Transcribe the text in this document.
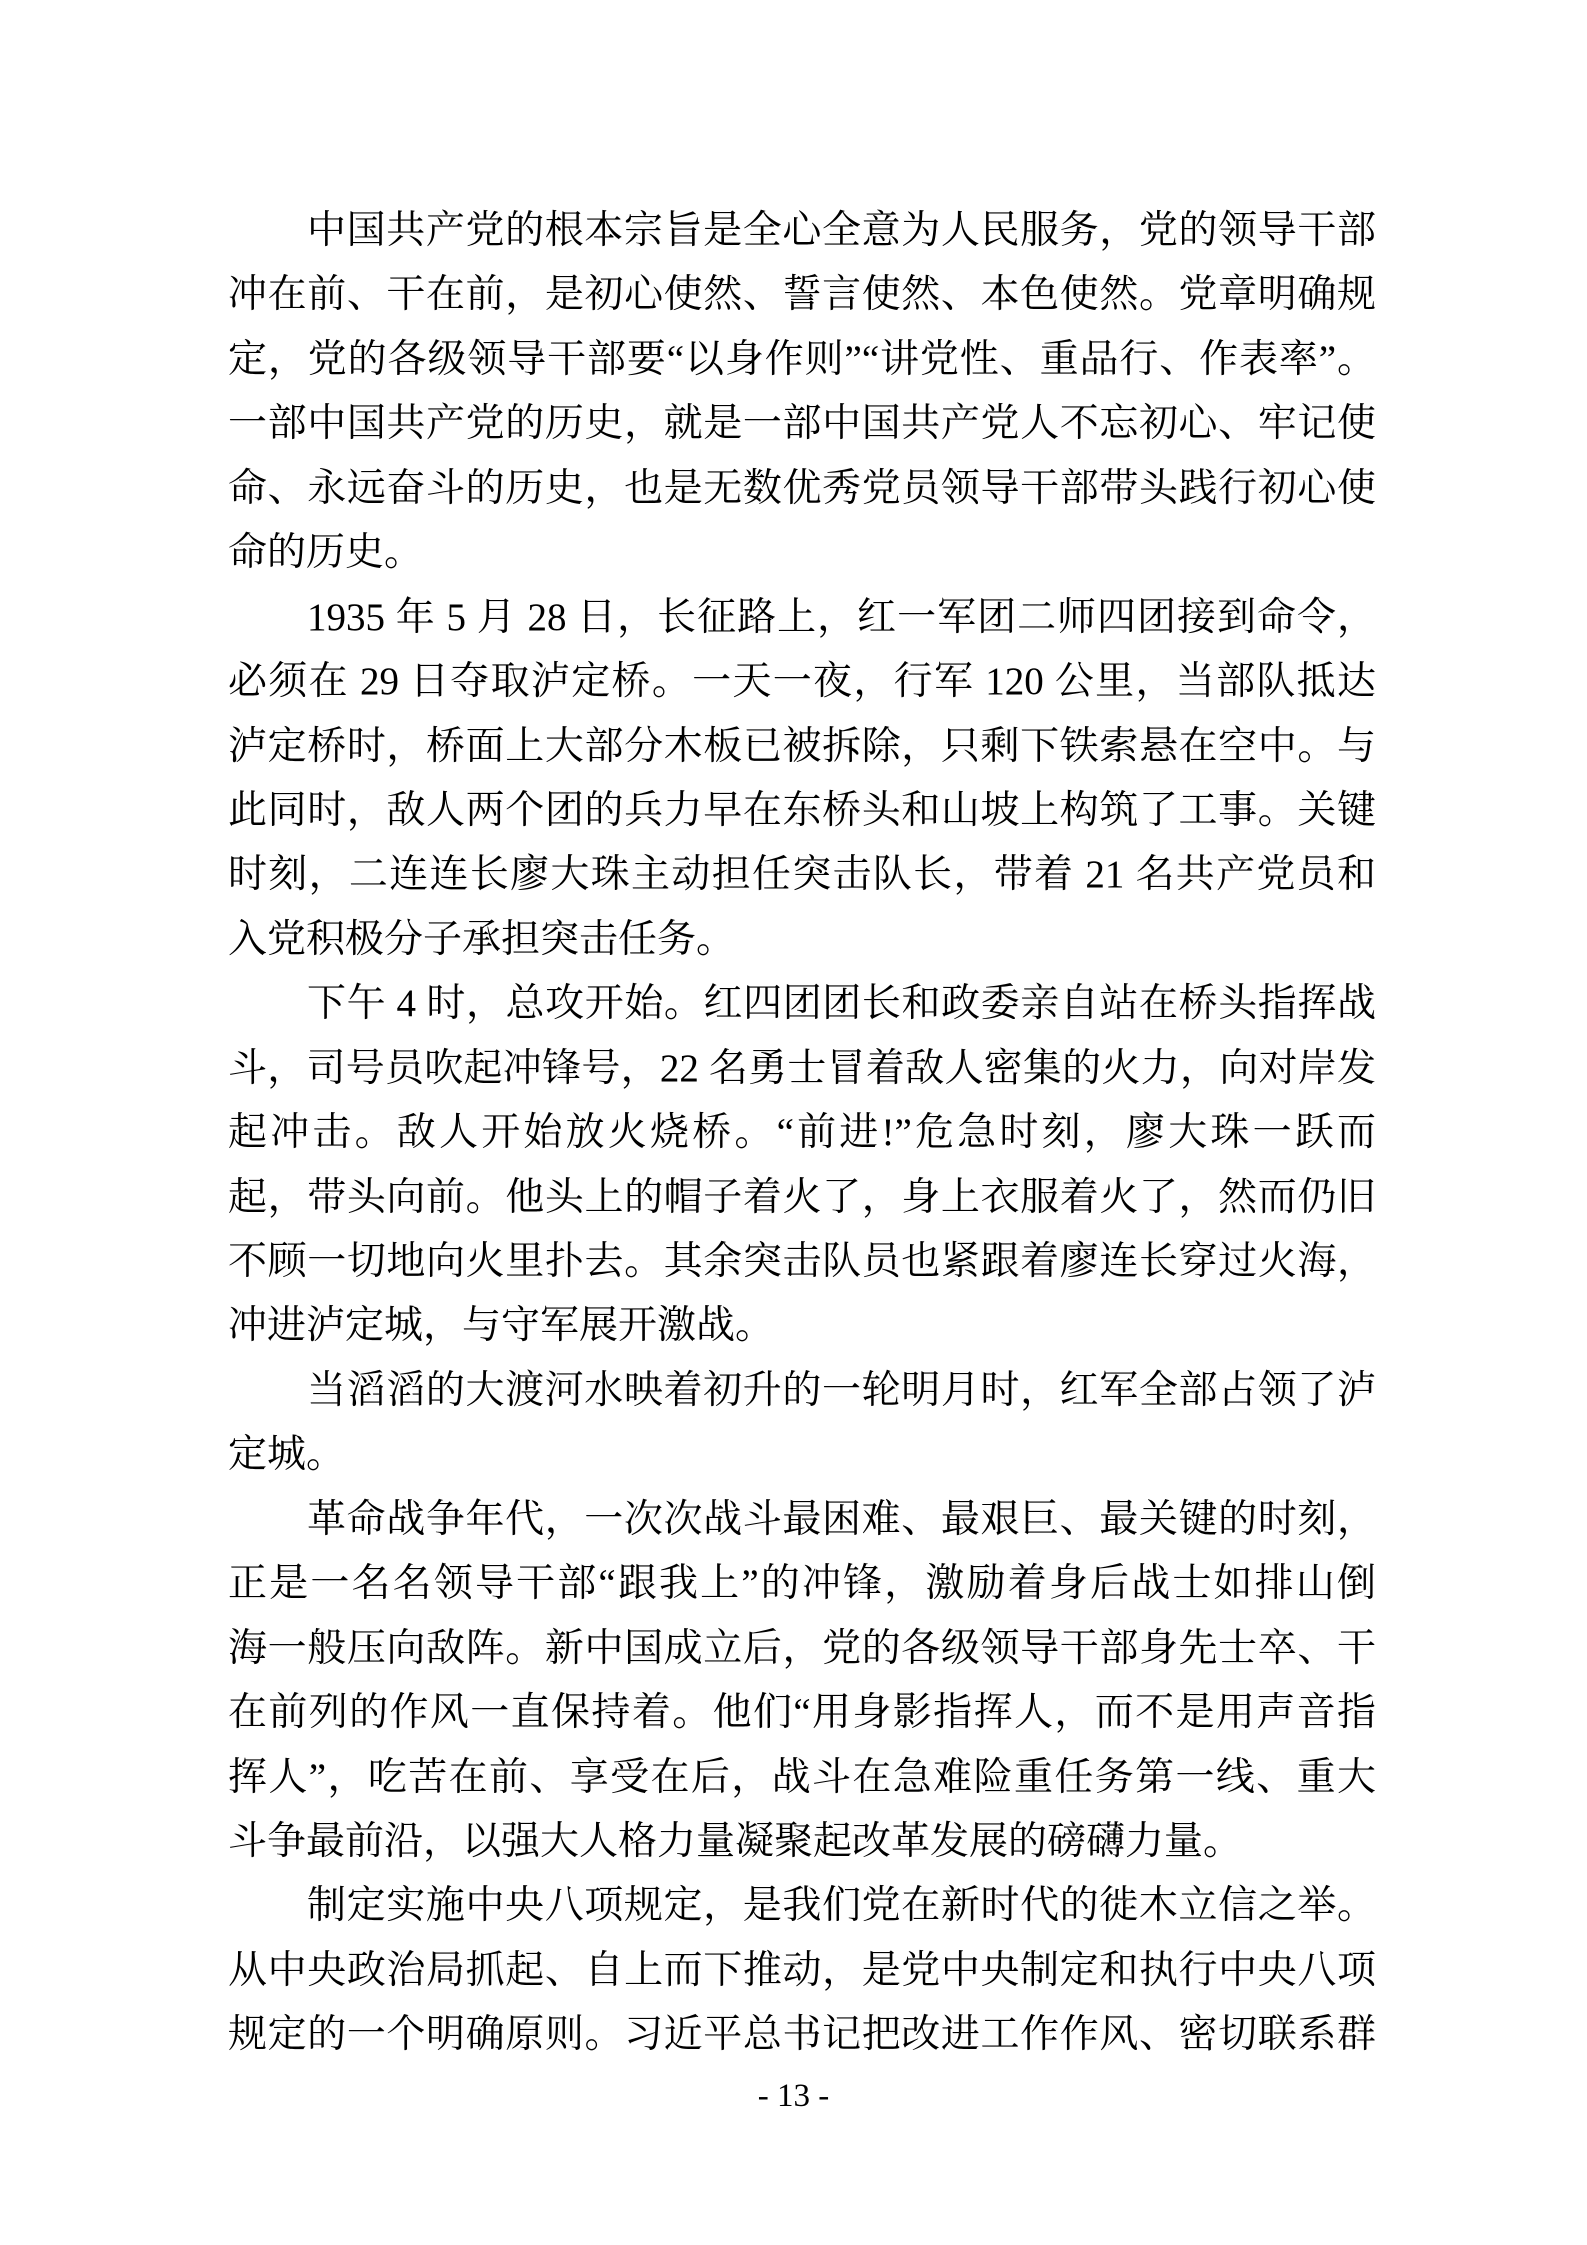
中国共产党的根本宗旨是全心全意为人民服务，党的领导干部
冲在前、干在前，是初心使然、誓言使然、本色使然。党章明确规
定，党的各级领导干部要“以身作则”“讲党性、重品行、作表率”。
一部中国共产党的历史，就是一部中国共产党人不忘初心、牢记使
命、永远奋斗的历史，也是无数优秀党员领导干部带头践行初心使
命的历史。
1935 年 5 月 28 日，长征路上，红一军团二师四团接到命令，
必须在 29 日夺取泸定桥。一天一夜，行军 120 公里，当部队抵达
泸定桥时，桥面上大部分木板已被拆除，只剩下铁索悬在空中。与
此同时，敌人两个团的兵力早在东桥头和山坡上构筑了工事。关键
时刻，二连连长廖大珠主动担任突击队长，带着 21 名共产党员和
入党积极分子承担突击任务。
下午 4 时，总攻开始。红四团团长和政委亲自站在桥头指挥战
斗，司号员吹起冲锋号，22 名勇士冒着敌人密集的火力，向对岸发
起冲击。敌人开始放火烧桥。“前进!”危急时刻，廖大珠一跃而
起，带头向前。他头上的帽子着火了，身上衣服着火了，然而仍旧
不顾一切地向火里扑去。其余突击队员也紧跟着廖连长穿过火海，
冲进泸定城，与守军展开激战。
当滔滔的大渡河水映着初升的一轮明月时，红军全部占领了泸
定城。
革命战争年代，一次次战斗最困难、最艰巨、最关键的时刻，
正是一名名领导干部“跟我上”的冲锋，激励着身后战士如排山倒
海一般压向敌阵。新中国成立后，党的各级领导干部身先士卒、干
在前列的作风一直保持着。他们“用身影指挥人，而不是用声音指
挥人”，吃苦在前、享受在后，战斗在急难险重任务第一线、重大
斗争最前沿，以强大人格力量凝聚起改革发展的磅礴力量。
制定实施中央八项规定，是我们党在新时代的徙木立信之举。
从中央政治局抓起、自上而下推动，是党中央制定和执行中央八项
规定的一个明确原则。习近平总书记把改进工作作风、密切联系群
- 13 -
